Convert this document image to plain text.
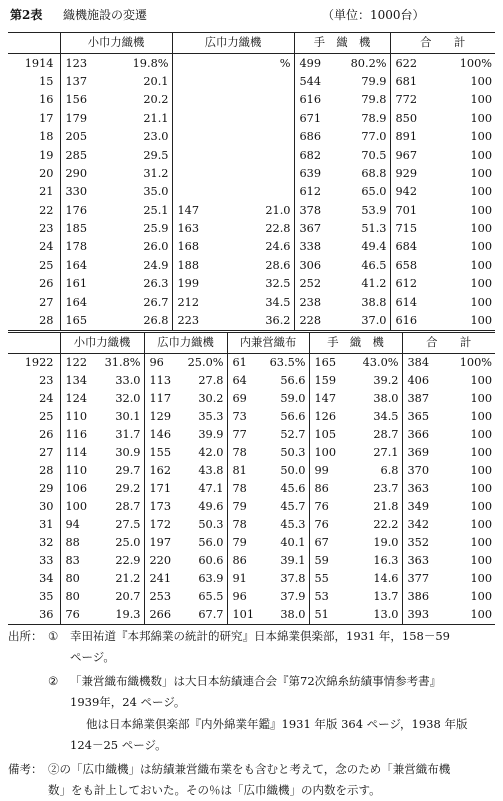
第2表 織機施設の変遷	（単位：1000台）
	小巾力織機		広巾力織機		手　織　機		合　　計	
1914	123	19.8%		%	499	80.2%	622	100%
15	137	20.1			544	79.9	681	100
16	156	20.2			616	79.8	772	100
17	179	21.1			671	78.9	850	100
18	205	23.0			686	77.0	891	100
19	285	29.5			682	70.5	967	100
20	290	31.2			639	68.8	929	100
21	330	35.0			612	65.0	942	100
22	176	25.1	147	21.0	378	53.9	701	100
23	185	25.9	163	22.8	367	51.3	715	100
24	178	26.0	168	24.6	338	49.4	684	100
25	164	24.9	188	28.6	306	46.5	658	100
26	161	26.3	199	32.5	252	41.2	612	100
27	164	26.7	212	34.5	238	38.8	614	100
28	165	26.8	223	36.2	228	37.0	616	100
	小巾力織機		広巾力織機		内兼営織布		手　織　機		合　　計	
1922	122	31.8%	96	25.0%	61	63.5%	165	43.0%	384	100%
23	134	33.0	113	27.8	64	56.6	159	39.2	406	100
24	124	32.0	117	30.2	69	59.0	147	38.0	387	100
25	110	30.1	129	35.3	73	56.6	126	34.5	365	100
26	116	31.7	146	39.9	77	52.7	105	28.7	366	100
27	114	30.9	155	42.0	78	50.3	100	27.1	369	100
28	110	29.7	162	43.8	81	50.0	99	6.8	370	100
29	106	29.2	171	47.1	78	45.6	86	23.7	363	100
30	100	28.7	173	49.6	79	45.7	76	21.8	349	100
31	94	27.5	172	50.3	78	45.3	76	22.2	342	100
32	88	25.0	197	56.0	79	40.1	67	19.0	352	100
33	83	22.9	220	60.6	86	39.1	59	16.3	363	100
34	80	21.2	241	63.9	91	37.8	55	14.6	377	100
35	80	20.7	253	65.5	96	37.9	53	13.7	386	100
36	76	19.3	266	67.7	101	38.0	51	13.0	393	100
出所： ① 幸田祐道『本邦綿業の統計的研究』日本綿業倶楽部，1931 年，158－59
ページ。
② 「兼営織布織機数」は大日本紡績連合会『第72次綿糸紡績事情参考書』
1939年，24 ページ。
他は日本綿業倶楽部『内外綿業年鑑』1931 年版 364 ページ，1938 年版
124－25 ページ。
備考： ②の「広巾織機」は紡績兼営織布業をも含むと考えて，念のため「兼営織布機
数」をも計上しておいた。その％は「広巾織機」の内数を示す。
